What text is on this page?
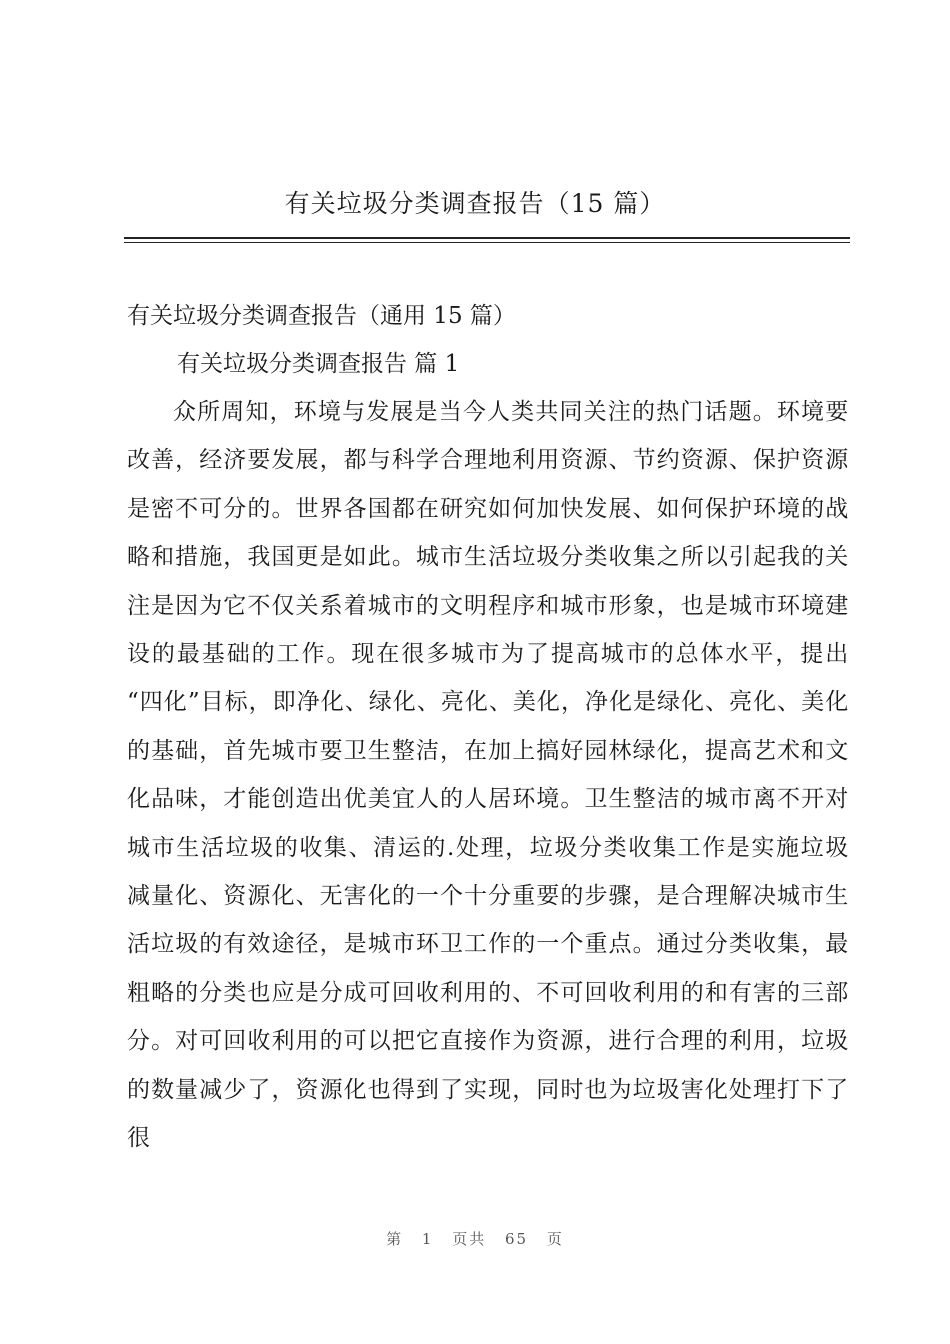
有关垃圾分类调查报告（15 篇）

有关垃圾分类调查报告（通用 15 篇）

有关垃圾分类调查报告 篇 1

众所周知，环境与发展是当今人类共同关注的热门话题。环境要改善，经济要发展，都与科学合理地利用资源、节约资源、保护资源是密不可分的。世界各国都在研究如何加快发展、如何保护环境的战略和措施，我国更是如此。城市生活垃圾分类收集之所以引起我的关注是因为它不仅关系着城市的文明程序和城市形象，也是城市环境建设的最基础的工作。现在很多城市为了提高城市的总体水平，提出 “四化”目标，即净化、绿化、亮化、美化，净化是绿化、亮化、美化的基础，首先城市要卫生整洁，在加上搞好园林绿化，提高艺术和文化品味，才能创造出优美宜人的人居环境。卫生整洁的城市离不开对城市生活垃圾的收集、清运的.处理，垃圾分类收集工作是实施垃圾减量化、资源化、无害化的一个十分重要的步骤，是合理解决城市生活垃圾的有效途径，是城市环卫工作的一个重点。通过分类收集，最粗略的分类也应是分成可回收利用的、不可回收利用的和有害的三部分。对可回收利用的可以把它直接作为资源，进行合理的利用，垃圾的数量减少了，资源化也得到了实现，同时也为垃圾害化处理打下了很

第 1 页共 65 页
